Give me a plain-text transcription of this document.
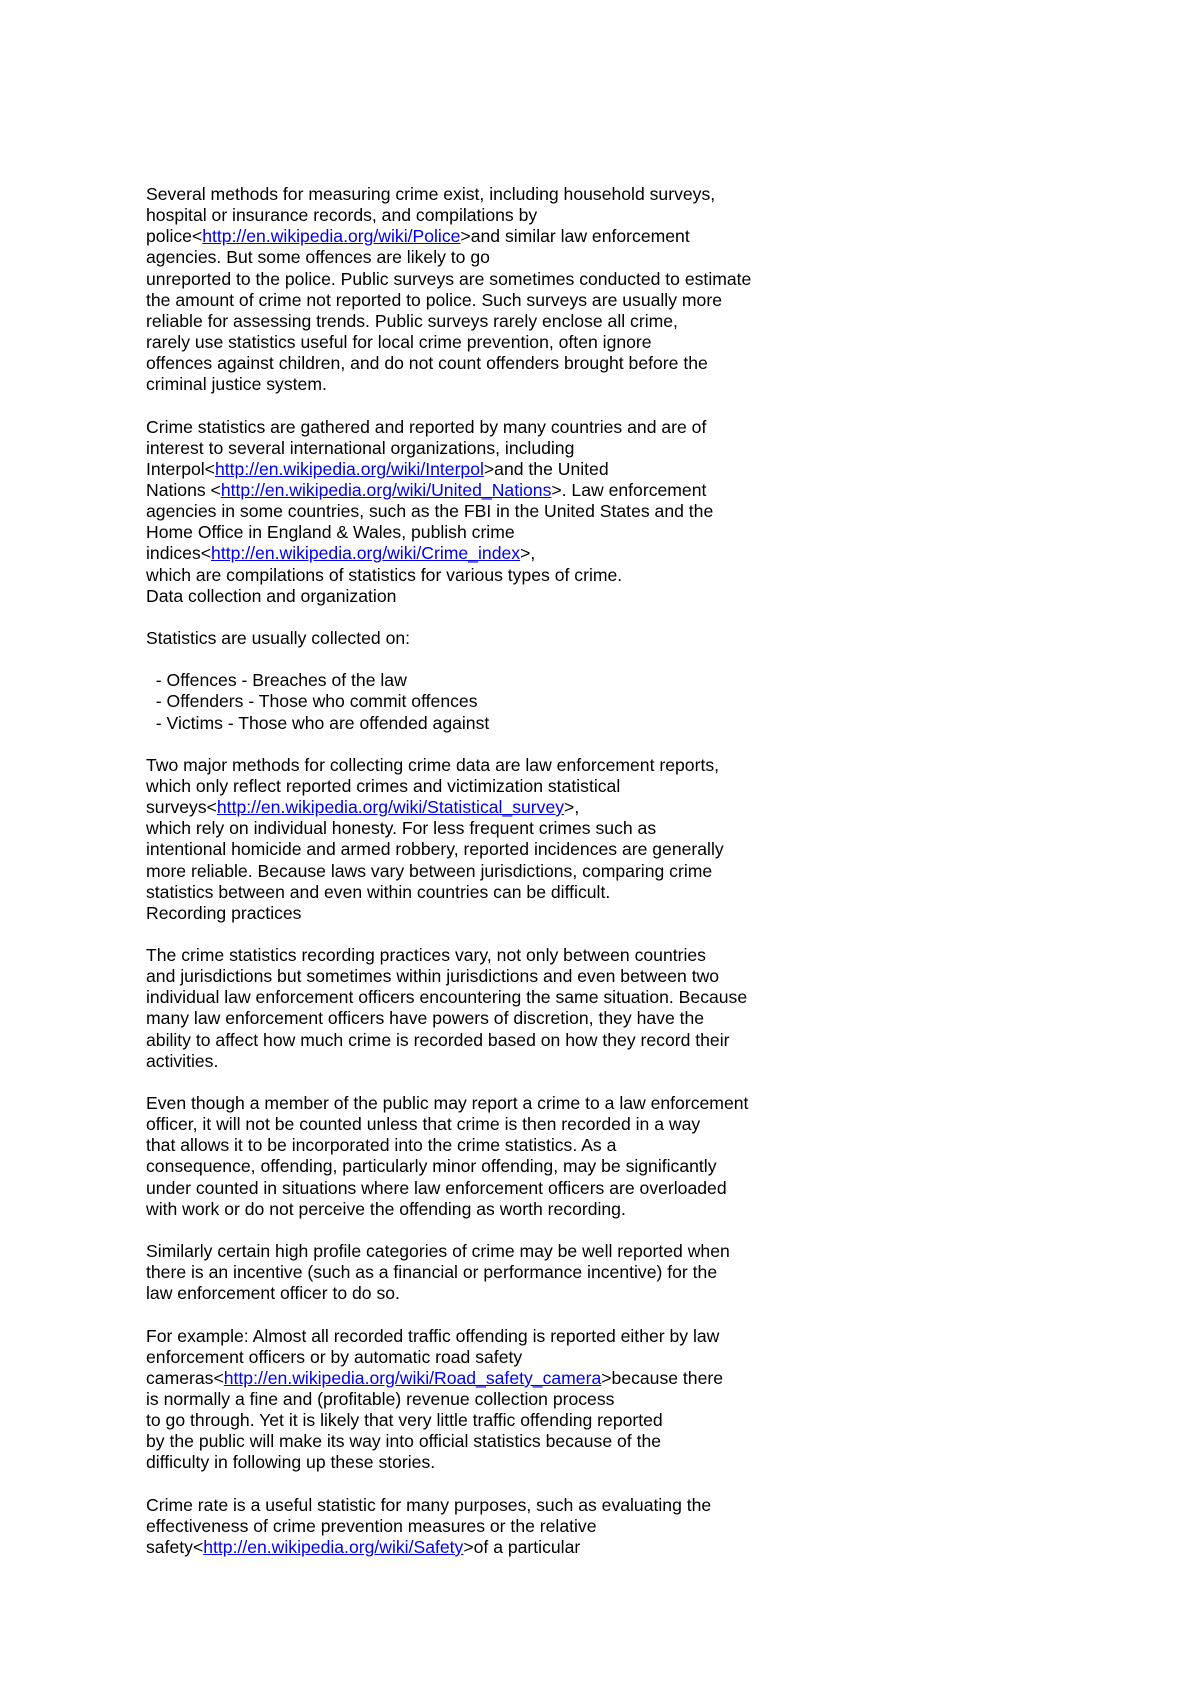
Several methods for measuring crime exist, including household surveys,
hospital or insurance records, and compilations by
police<http://en.wikipedia.org/wiki/Police>and similar law enforcement
agencies. But some offences are likely to go
unreported to the police. Public surveys are sometimes conducted to estimate
the amount of crime not reported to police. Such surveys are usually more
reliable for assessing trends. Public surveys rarely enclose all crime,
rarely use statistics useful for local crime prevention, often ignore
offences against children, and do not count offenders brought before the
criminal justice system.
Crime statistics are gathered and reported by many countries and are of
interest to several international organizations, including
Interpol<http://en.wikipedia.org/wiki/Interpol>and the United
Nations <http://en.wikipedia.org/wiki/United_Nations>. Law enforcement
agencies in some countries, such as the FBI in the United States and the
Home Office in England & Wales, publish crime
indices<http://en.wikipedia.org/wiki/Crime_index>,
which are compilations of statistics for various types of crime.
Data collection and organization
Statistics are usually collected on:
- Offences - Breaches of the law
- Offenders - Those who commit offences
- Victims - Those who are offended against
Two major methods for collecting crime data are law enforcement reports,
which only reflect reported crimes and victimization statistical
surveys<http://en.wikipedia.org/wiki/Statistical_survey>,
which rely on individual honesty. For less frequent crimes such as
intentional homicide and armed robbery, reported incidences are generally
more reliable. Because laws vary between jurisdictions, comparing crime
statistics between and even within countries can be difficult.
Recording practices
The crime statistics recording practices vary, not only between countries
and jurisdictions but sometimes within jurisdictions and even between two
individual law enforcement officers encountering the same situation. Because
many law enforcement officers have powers of discretion, they have the
ability to affect how much crime is recorded based on how they record their
activities.
Even though a member of the public may report a crime to a law enforcement
officer, it will not be counted unless that crime is then recorded in a way
that allows it to be incorporated into the crime statistics. As a
consequence, offending, particularly minor offending, may be significantly
under counted in situations where law enforcement officers are overloaded
with work or do not perceive the offending as worth recording.
Similarly certain high profile categories of crime may be well reported when
there is an incentive (such as a financial or performance incentive) for the
law enforcement officer to do so.
For example: Almost all recorded traffic offending is reported either by law
enforcement officers or by automatic road safety
cameras<http://en.wikipedia.org/wiki/Road_safety_camera>because there
is normally a fine and (profitable) revenue collection process
to go through. Yet it is likely that very little traffic offending reported
by the public will make its way into official statistics because of the
difficulty in following up these stories.
Crime rate is a useful statistic for many purposes, such as evaluating the
effectiveness of crime prevention measures or the relative
safety<http://en.wikipedia.org/wiki/Safety>of a particular
